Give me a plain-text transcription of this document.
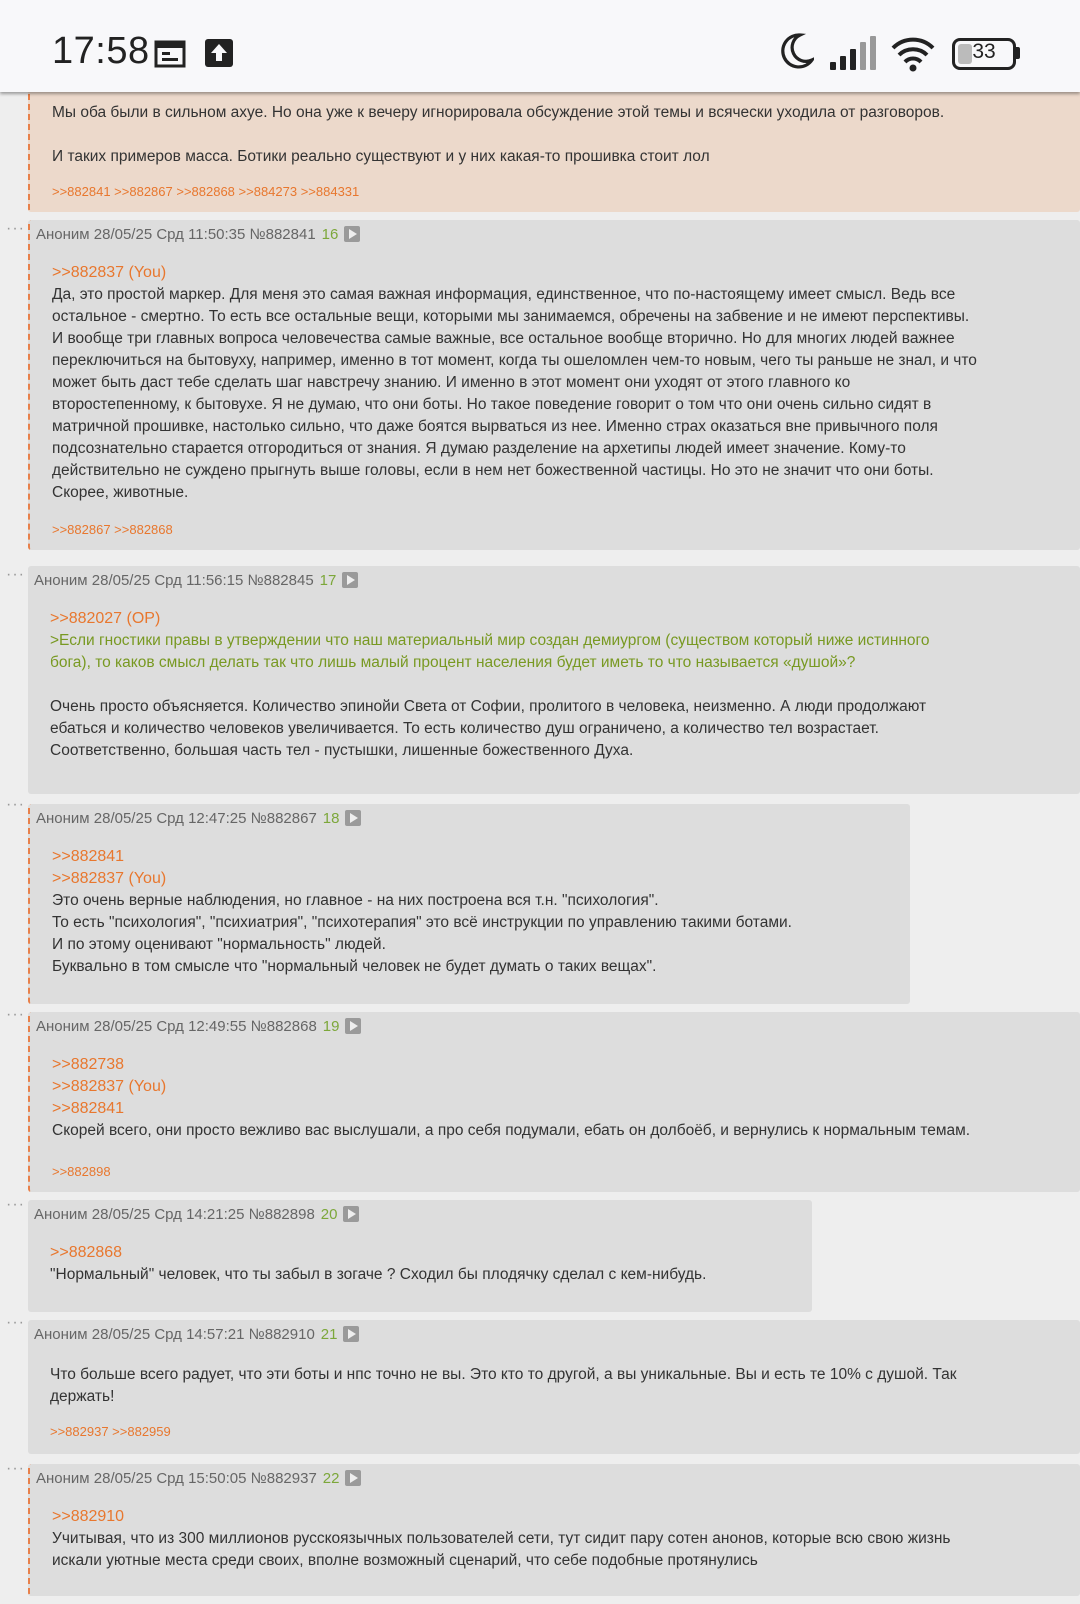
Мы оба были в сильном ахуе. Но она уже к вечеру игнорировала обсуждение этой темы и всячески уходила от разговоров.
И таких примеров масса. Ботики реально существуют и у них какая-то прошивка стоит лол
>>882841 >>882867 >>882868 >>884273 >>884331
··· Аноним 28/05/25 Срд 11:50:35 №882841 16
>>882837 (You)
Да, это простой маркер. Для меня это самая важная информация, единственное, что по-настоящему имеет смысл. Ведь все
остальное - смертно. То есть все остальные вещи, которыми мы занимаемся, обречены на забвение и не имеют перспективы.
И вообще три главных вопроса человечества самые важные, все остальное вообще вторично. Но для многих людей важнее
переключиться на бытовуху, например, именно в тот момент, когда ты ошеломлен чем-то новым, чего ты раньше не знал, и что
может быть даст тебе сделать шаг навстречу знанию. И именно в этот момент они уходят от этого главного ко
второстепенному, к бытовухе. Я не думаю, что они боты. Но такое поведение говорит о том что они очень сильно сидят в
матричной прошивке, настолько сильно, что даже боятся вырваться из нее. Именно страх оказаться вне привычного поля
подсознательно старается отгородиться от знания. Я думаю разделение на архетипы людей имеет значение. Кому-то
действительно не суждено прыгнуть выше головы, если в нем нет божественной частицы. Но это не значит что они боты.
Скорее, животные.
>>882867 >>882868
··· Аноним 28/05/25 Срд 11:56:15 №882845 17
>>882027 (OP)
>Если гностики правы в утверждении что наш материальный мир создан демиургом (существом который ниже истинного
бога), то каков смысл делать так что лишь малый процент населения будет иметь то что называется «душой»?
Очень просто объясняется. Количество эпинойи Света от Софии, пролитого в человека, неизменно. А люди продолжают
ебаться и количество человеков увеличивается. То есть количество душ ограничено, а количество тел возрастает.
Соответственно, большая часть тел - пустышки, лишенные божественного Духа.
···
Аноним 28/05/25 Срд 12:47:25 №882867 18
>>882841
>>882837 (You)
Это очень верные наблюдения, но главное - на них построена вся т.н. "психология".
То есть "психология", "психиатрия", "психотерапия" это всё инструкции по управлению такими ботами.
И по этому оценивают "нормальность" людей.
Буквально в том смысле что "нормальный человек не будет думать о таких вещах".
···
Аноним 28/05/25 Срд 12:49:55 №882868 19
>>882738
>>882837 (You)
>>882841
Скорей всего, они просто вежливо вас выслушали, а про себя подумали, ебать он долбоёб, и вернулись к нормальным темам.
>>882898
···
Аноним 28/05/25 Срд 14:21:25 №882898 20
>>882868
"Нормальный" человек, что ты забыл в зогаче ? Сходил бы плодячку сделал с кем-нибудь.
···
Аноним 28/05/25 Срд 14:57:21 №882910 21
Что больше всего радует, что эти боты и нпс точно не вы. Это кто то другой, а вы уникальные. Вы и есть те 10% с душой. Так
держать!
>>882937 >>882959
···
Аноним 28/05/25 Срд 15:50:05 №882937 22
>>882910
Учитывая, что из 300 миллионов русскоязычных пользователей сети, тут сидит пару сотен анонов, которые всю свою жизнь
искали уютные места среди своих, вполне возможный сценарий, что себе подобные протянулись
17:58	33
